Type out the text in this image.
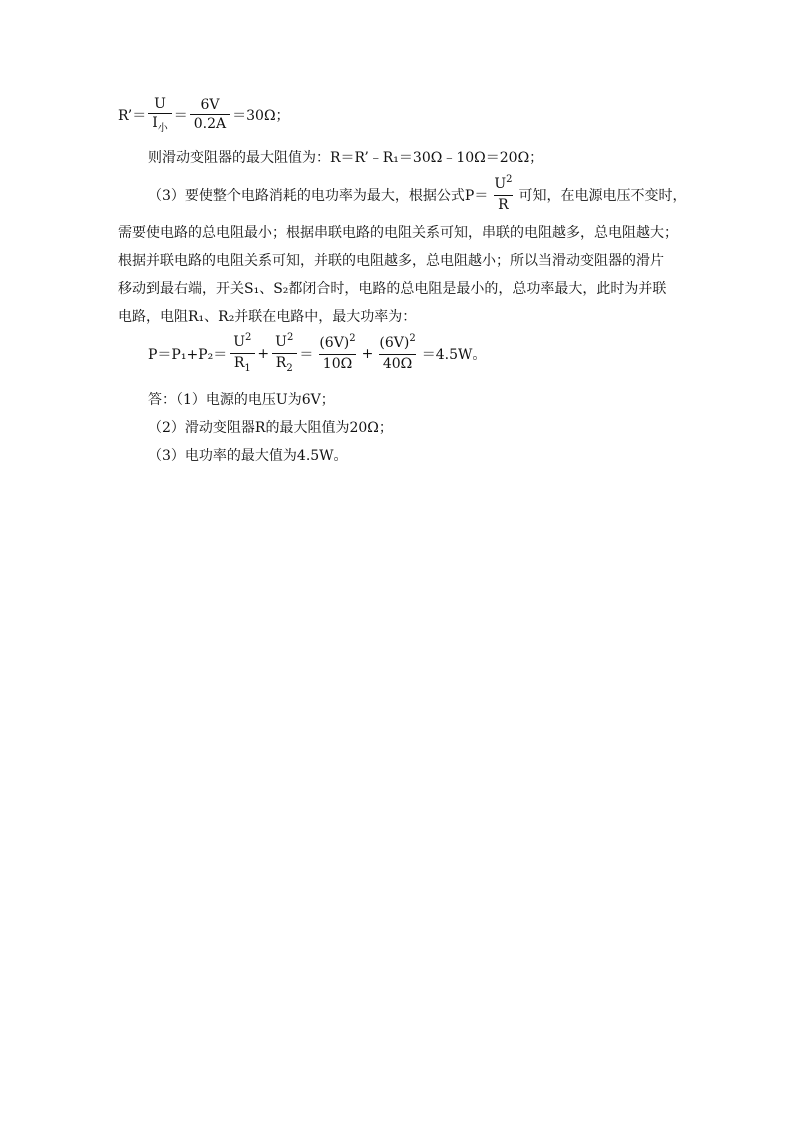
R’＝ $\frac{U}{I_小} = \frac{6V}{0.2A} =30\Omega$；
则滑动变阻器的最大阻值为：R＝R’﹣R₁＝30Ω﹣10Ω＝20Ω；
（3）要使整个电路消耗的电功率为最大，根据公式$P= \frac{U^2}{R}$ 可知，在电源电压不变时，
需要使电路的总电阻最小；根据串联电路的电阻关系可知，串联的电阻越多，总电阻越大；
根据并联电路的电阻关系可知，并联的电阻越多，总电阻越小；所以当滑动变阻器的滑片
移动到最右端，开关S₁、S₂都闭合时，电路的总电阻是最小的，总功率最大，此时为并联
电路，电阻R₁、R₂并联在电路中，最大功率为：
$P=P_1+P_2= \frac{U^2}{R_1} + \frac{U^2}{R_2} = \frac{(6V)^2}{10\Omega} + \frac{(6V)^2}{40\Omega} =4.5W$。
答：（1）电源的电压U为6V；
（2）滑动变阻器R的最大阻值为20Ω；
（3）电功率的最大值为4.5W。
